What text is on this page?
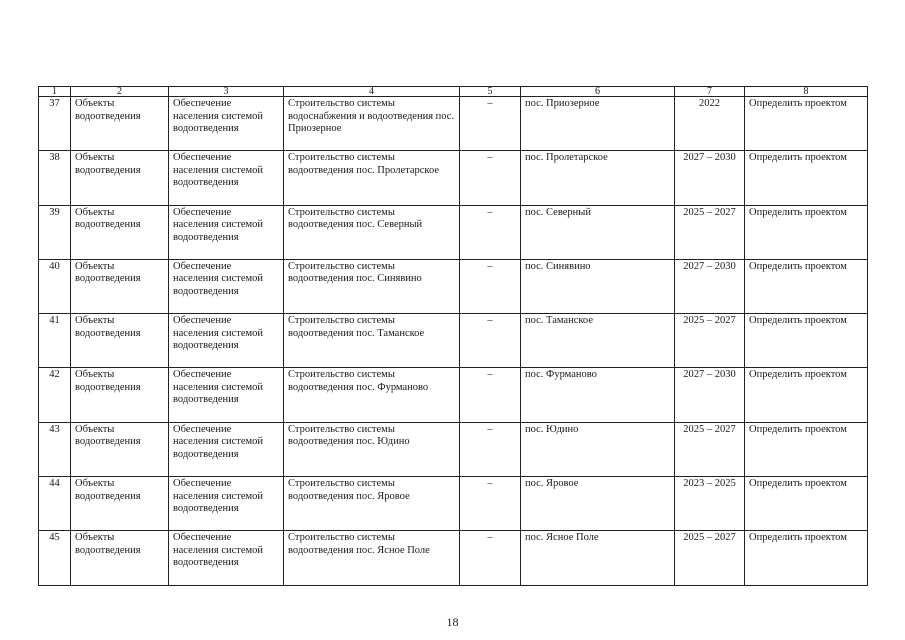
1	2	3	4	5	6	7	8
37	Объекты водоотведения	Обеспечение населения системой водоотведения	Строительство системы водоснабжения и водоотведения пос. Приозерное	–	пос. Приозерное	2022	Определить проектом
38	Объекты водоотведения	Обеспечение населения системой водоотведения	Строительство системы водоотведения пос. Пролетарское	–	пос. Пролетарское	2027 – 2030	Определить проектом
39	Объекты водоотведения	Обеспечение населения системой водоотведения	Строительство системы водоотведения пос. Северный	–	пос. Северный	2025 – 2027	Определить проектом
40	Объекты водоотведения	Обеспечение населения системой водоотведения	Строительство системы водоотведения пос. Синявино	–	пос. Синявино	2027 – 2030	Определить проектом
41	Объекты водоотведения	Обеспечение населения системой водоотведения	Строительство системы водоотведения пос. Таманское	–	пос. Таманское	2025 – 2027	Определить проектом
42	Объекты водоотведения	Обеспечение населения системой водоотведения	Строительство системы водоотведения пос. Фурманово	–	пос. Фурманово	2027 – 2030	Определить проектом
43	Объекты водоотведения	Обеспечение населения системой водоотведения	Строительство системы водоотведения пос. Юдино	–	пос. Юдино	2025 – 2027	Определить проектом
44	Объекты водоотведения	Обеспечение населения системой водоотведения	Строительство системы водоотведения пос. Яровое	–	пос. Яровое	2023 – 2025	Определить проектом
45	Объекты водоотведения	Обеспечение населения системой водоотведения	Строительство системы водоотведения пос. Ясное Поле	–	пос. Ясное Поле	2025 – 2027	Определить проектом
18
